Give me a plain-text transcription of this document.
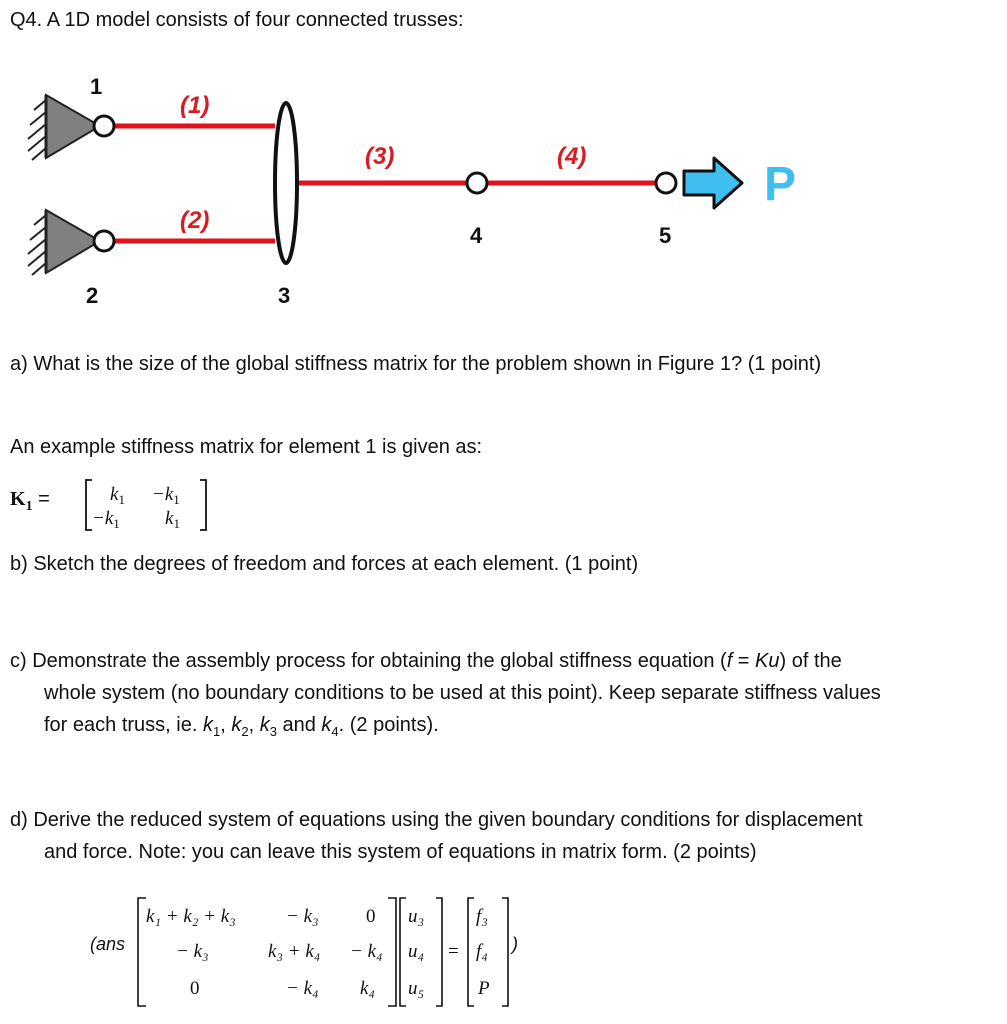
Q4. A 1D model consists of four connected trusses:
P
1
2	3
4	5
(1)
(2)
(3)	(4)
a) What is the size of the global stiffness matrix for the problem shown in Figure 1? (1 point)
An example stiffness matrix for element 1 is given as:
$K_1$ =	$k_1 -k_1$
$-k_1$ $k_1$
b) Sketch the degrees of freedom and forces at each element. (1 point)
c) Demonstrate the assembly process for obtaining the global stiffness equation (f = Ku) of the
whole system (no boundary conditions to be used at this point). Keep separate stiffness values
for each truss, ie. $k_1$, $k_2$, $k_3$ and $k_4$. (2 points).
d) Derive the reduced system of equations using the given boundary conditions for displacement
and force. Note: you can leave this system of equations in matrix form. (2 points)
(ans
k₁ + k₂ + k₃	− k₃ 0
− k₃	k₃ + k₄ − k₄
0	− k₄ k₄
u₃
u₄
u₅
=
f₃
f₄
P
)
